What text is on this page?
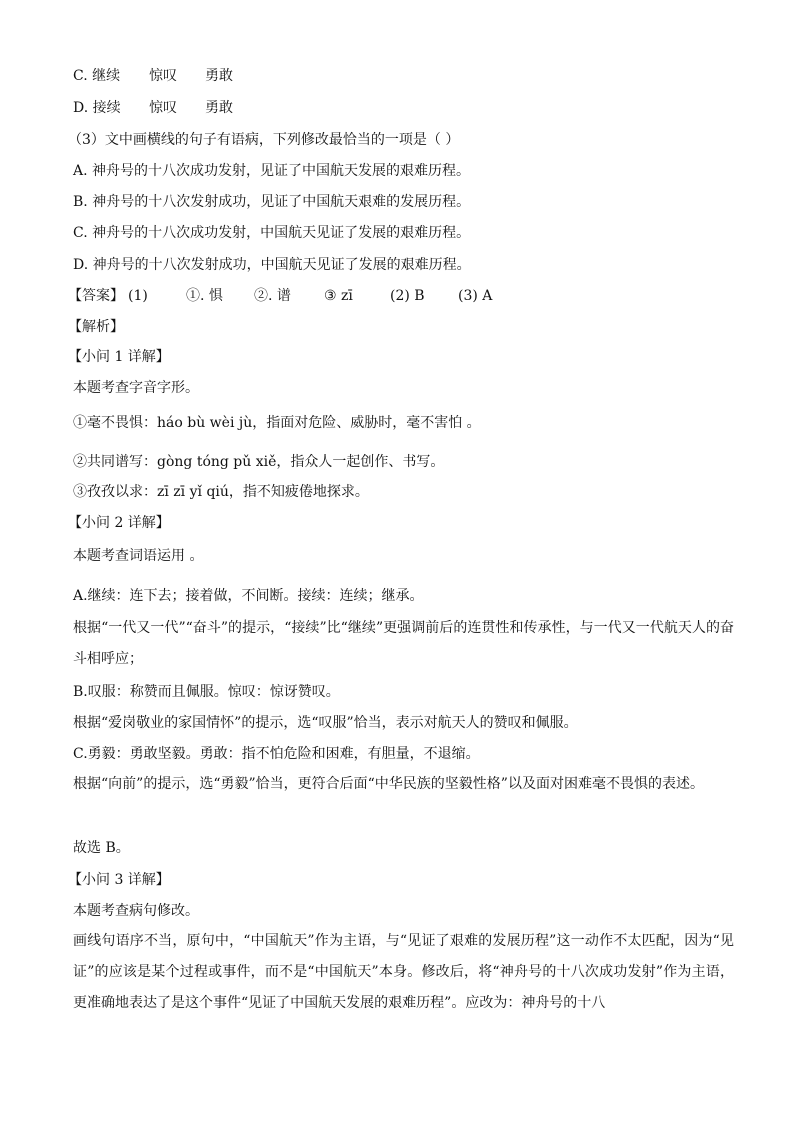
C. 继续 惊叹 勇敢
D. 接续 惊叹 勇敢
（3）文中画横线的句子有语病，下列修改最恰当的一项是（ ）
A. 神舟号的十八次成功发射，见证了中国航天发展的艰难历程。
B. 神舟号的十八次发射成功，见证了中国航天艰难的发展历程。
C. 神舟号的十八次成功发射，中国航天见证了发展的艰难历程。
D. 神舟号的十八次发射成功，中国航天见证了发展的艰难历程。
【答案】 (1)	①. 惧 ②. 谱 ③ zī	(2) B (3) A
【解析】
【小问 1 详解】
本题考查字音字形。
①毫不畏惧：háo bù wèi jù，指面对危险、威胁时，毫不害怕 。
②共同谱写：gòng tóng pǔ xiě，指众人一起创作、书写。
③孜孜以求：zī zī yǐ qiú，指不知疲倦地探求。
【小问 2 详解】
本题考查词语运用 。
A.继续：连下去；接着做，不间断。接续：连续；继承。
根据“一代又一代”“奋斗”的提示，“接续”比“继续”更强调前后的连贯性和传承性，与一代又一代航天人的奋斗相呼应；
B.叹服：称赞而且佩服。惊叹：惊讶赞叹。
根据“爱岗敬业的家国情怀”的提示，选“叹服”恰当，表示对航天人的赞叹和佩服。
C.勇毅：勇敢坚毅。勇敢：指不怕危险和困难，有胆量，不退缩。
根据“向前”的提示，选“勇毅”恰当，更符合后面“中华民族的坚毅性格”以及面对困难毫不畏惧的表述。
故选 B。
【小问 3 详解】
本题考查病句修改。
画线句语序不当，原句中，“中国航天”作为主语，与“见证了艰难的发展历程”这一动作不太匹配，因为“见证”的应该是某个过程或事件，而不是“中国航天”本身。修改后，将“神舟号的十八次成功发射”作为主语，更准确地表达了是这个事件“见证了中国航天发展的艰难历程”。应改为：神舟号的十八
